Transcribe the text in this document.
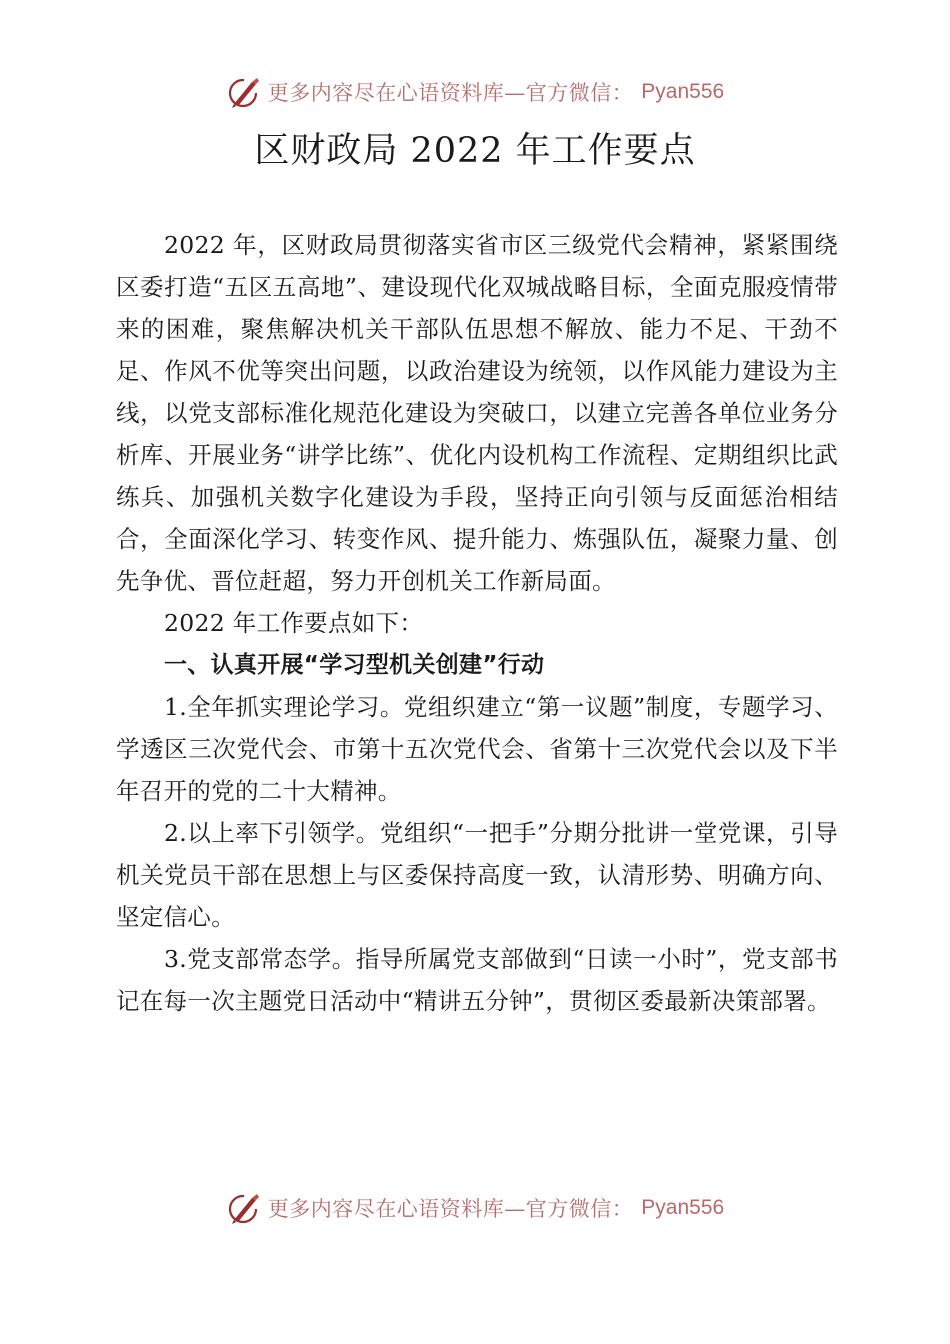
更多内容尽在心语资料库—官方微信： Pyan556
区财政局 2022 年工作要点

2022 年，区财政局贯彻落实省市区三级党代会精神，紧紧围绕区委打造“五区五高地”、建设现代化双城战略目标，全面克服疫情带来的困难，聚焦解决机关干部队伍思想不解放、能力不足、干劲不足、作风不优等突出问题，以政治建设为统领，以作风能力建设为主线，以党支部标准化规范化建设为突破口，以建立完善各单位业务分析库、开展业务“讲学比练”、优化内设机构工作流程、定期组织比武练兵、加强机关数字化建设为手段，坚持正向引领与反面惩治相结合，全面深化学习、转变作风、提升能力、炼强队伍，凝聚力量、创先争优、晋位赶超，努力开创机关工作新局面。

2022 年工作要点如下：

一、认真开展“学习型机关创建”行动

1.全年抓实理论学习。党组织建立“第一议题”制度，专题学习、学透区三次党代会、市第十五次党代会、省第十三次党代会以及下半年召开的党的二十大精神。

2.以上率下引领学。党组织“一把手”分期分批讲一堂党课，引导机关党员干部在思想上与区委保持高度一致，认清形势、明确方向、坚定信心。

3.党支部常态学。指导所属党支部做到“日读一小时”，党支部书记在每一次主题党日活动中“精讲五分钟”，贯彻区委最新决策部署。

更多内容尽在心语资料库—官方微信： Pyan556
